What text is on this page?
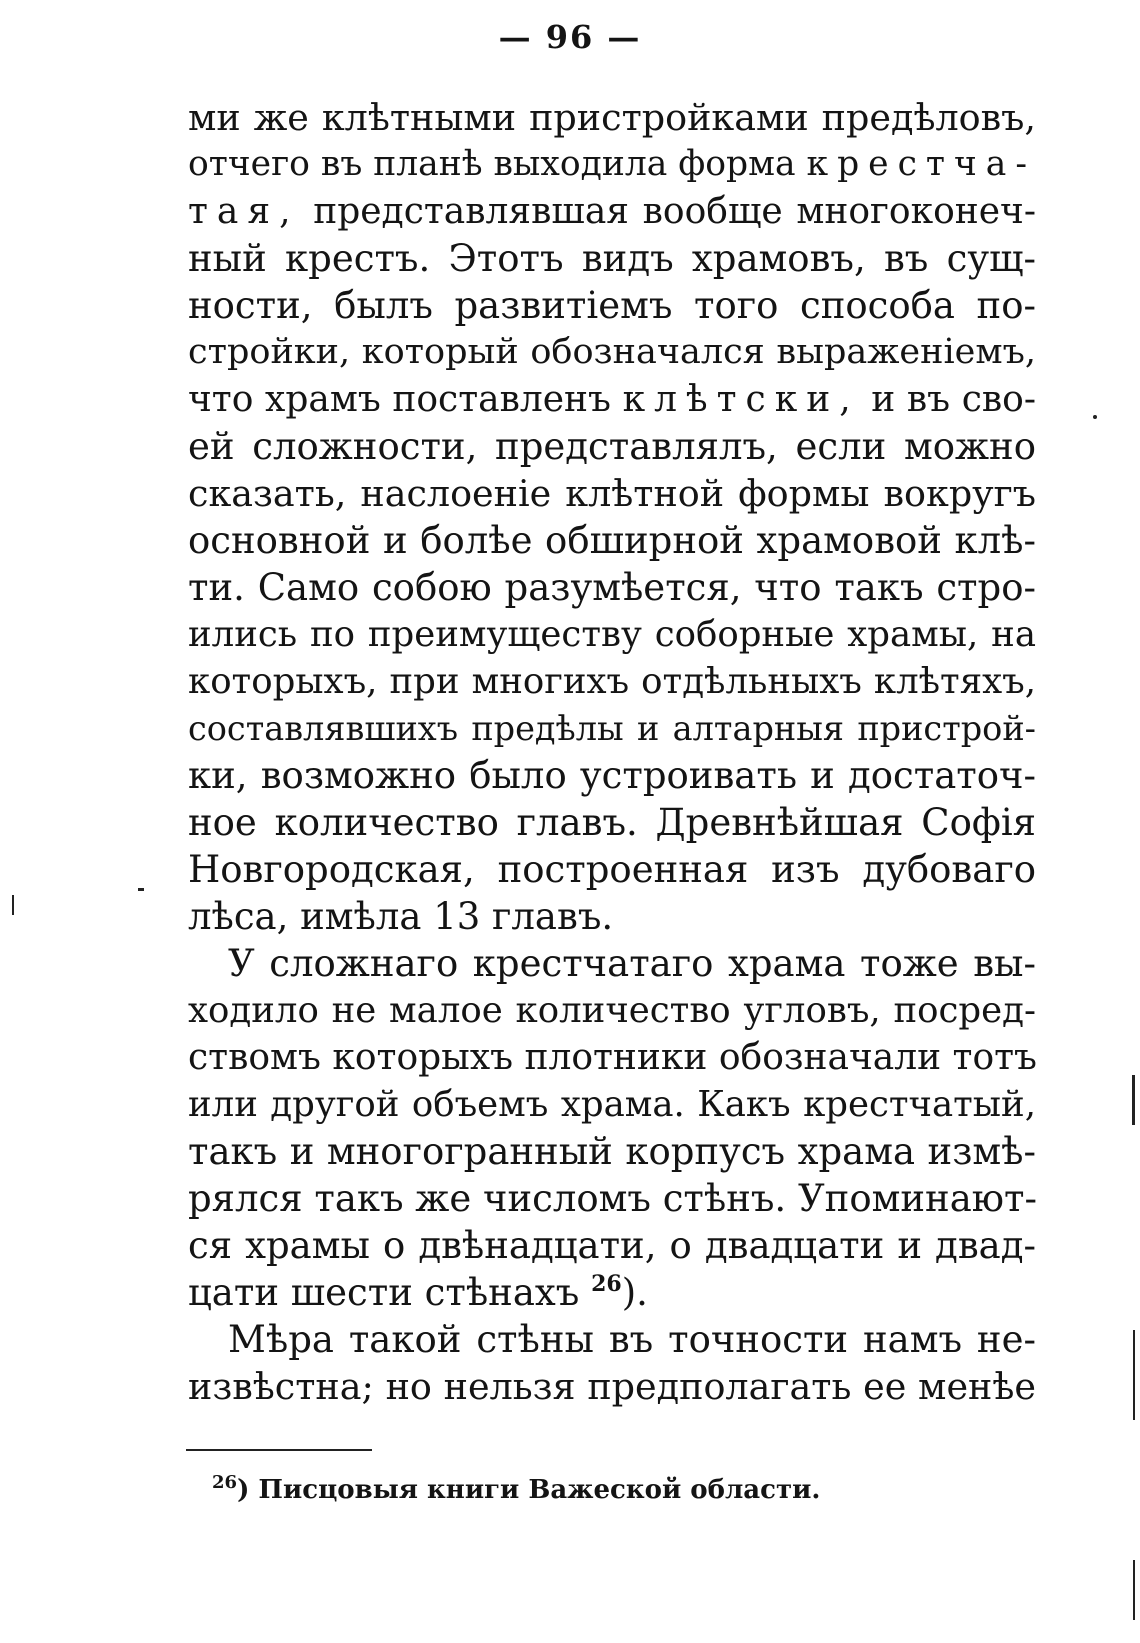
— 96 —
ми же клѣтными пристройками предѣловъ,
отчего въ планѣ выходила форма крестча-
тая, представлявшая вообще многоконеч-
ный крестъ. Этотъ видъ храмовъ, въ сущ-
ности, былъ развитіемъ того способа по-
стройки, который обозначался выраженіемъ,
что храмъ поставленъ клѣтски, и въ сво-
ей сложности, представлялъ, если можно
сказать, наслоеніе клѣтной формы вокругъ
основной и болѣе обширной храмовой клѣ-
ти. Само собою разумѣется, что такъ стро-
ились по преимуществу соборные храмы, на
которыхъ, при многихъ отдѣльныхъ клѣтяхъ,
составлявшихъ предѣлы и алтарныя пристрой-
ки, возможно было устроивать и достаточ-
ное количество главъ. Древнѣйшая Софія
Новгородская, построенная изъ дубоваго
лѣса, имѣла 13 главъ.
У сложнаго крестчатаго храма тоже вы-
ходило не малое количество угловъ, посред-
ствомъ которыхъ плотники обозначали тотъ
или другой объемъ храма. Какъ крестчатый,
такъ и многогранный корпусъ храма измѣ-
рялся такъ же числомъ стѣнъ. Упоминают-
ся храмы о двѣнадцати, о двадцати и двад-
цати шести стѣнахъ $^{26}$).
Мѣра такой стѣны въ точности намъ не-
извѣстна; но нельзя предполагать ее менѣе
$^{26}$) Писцовыя книги Важеской области.
